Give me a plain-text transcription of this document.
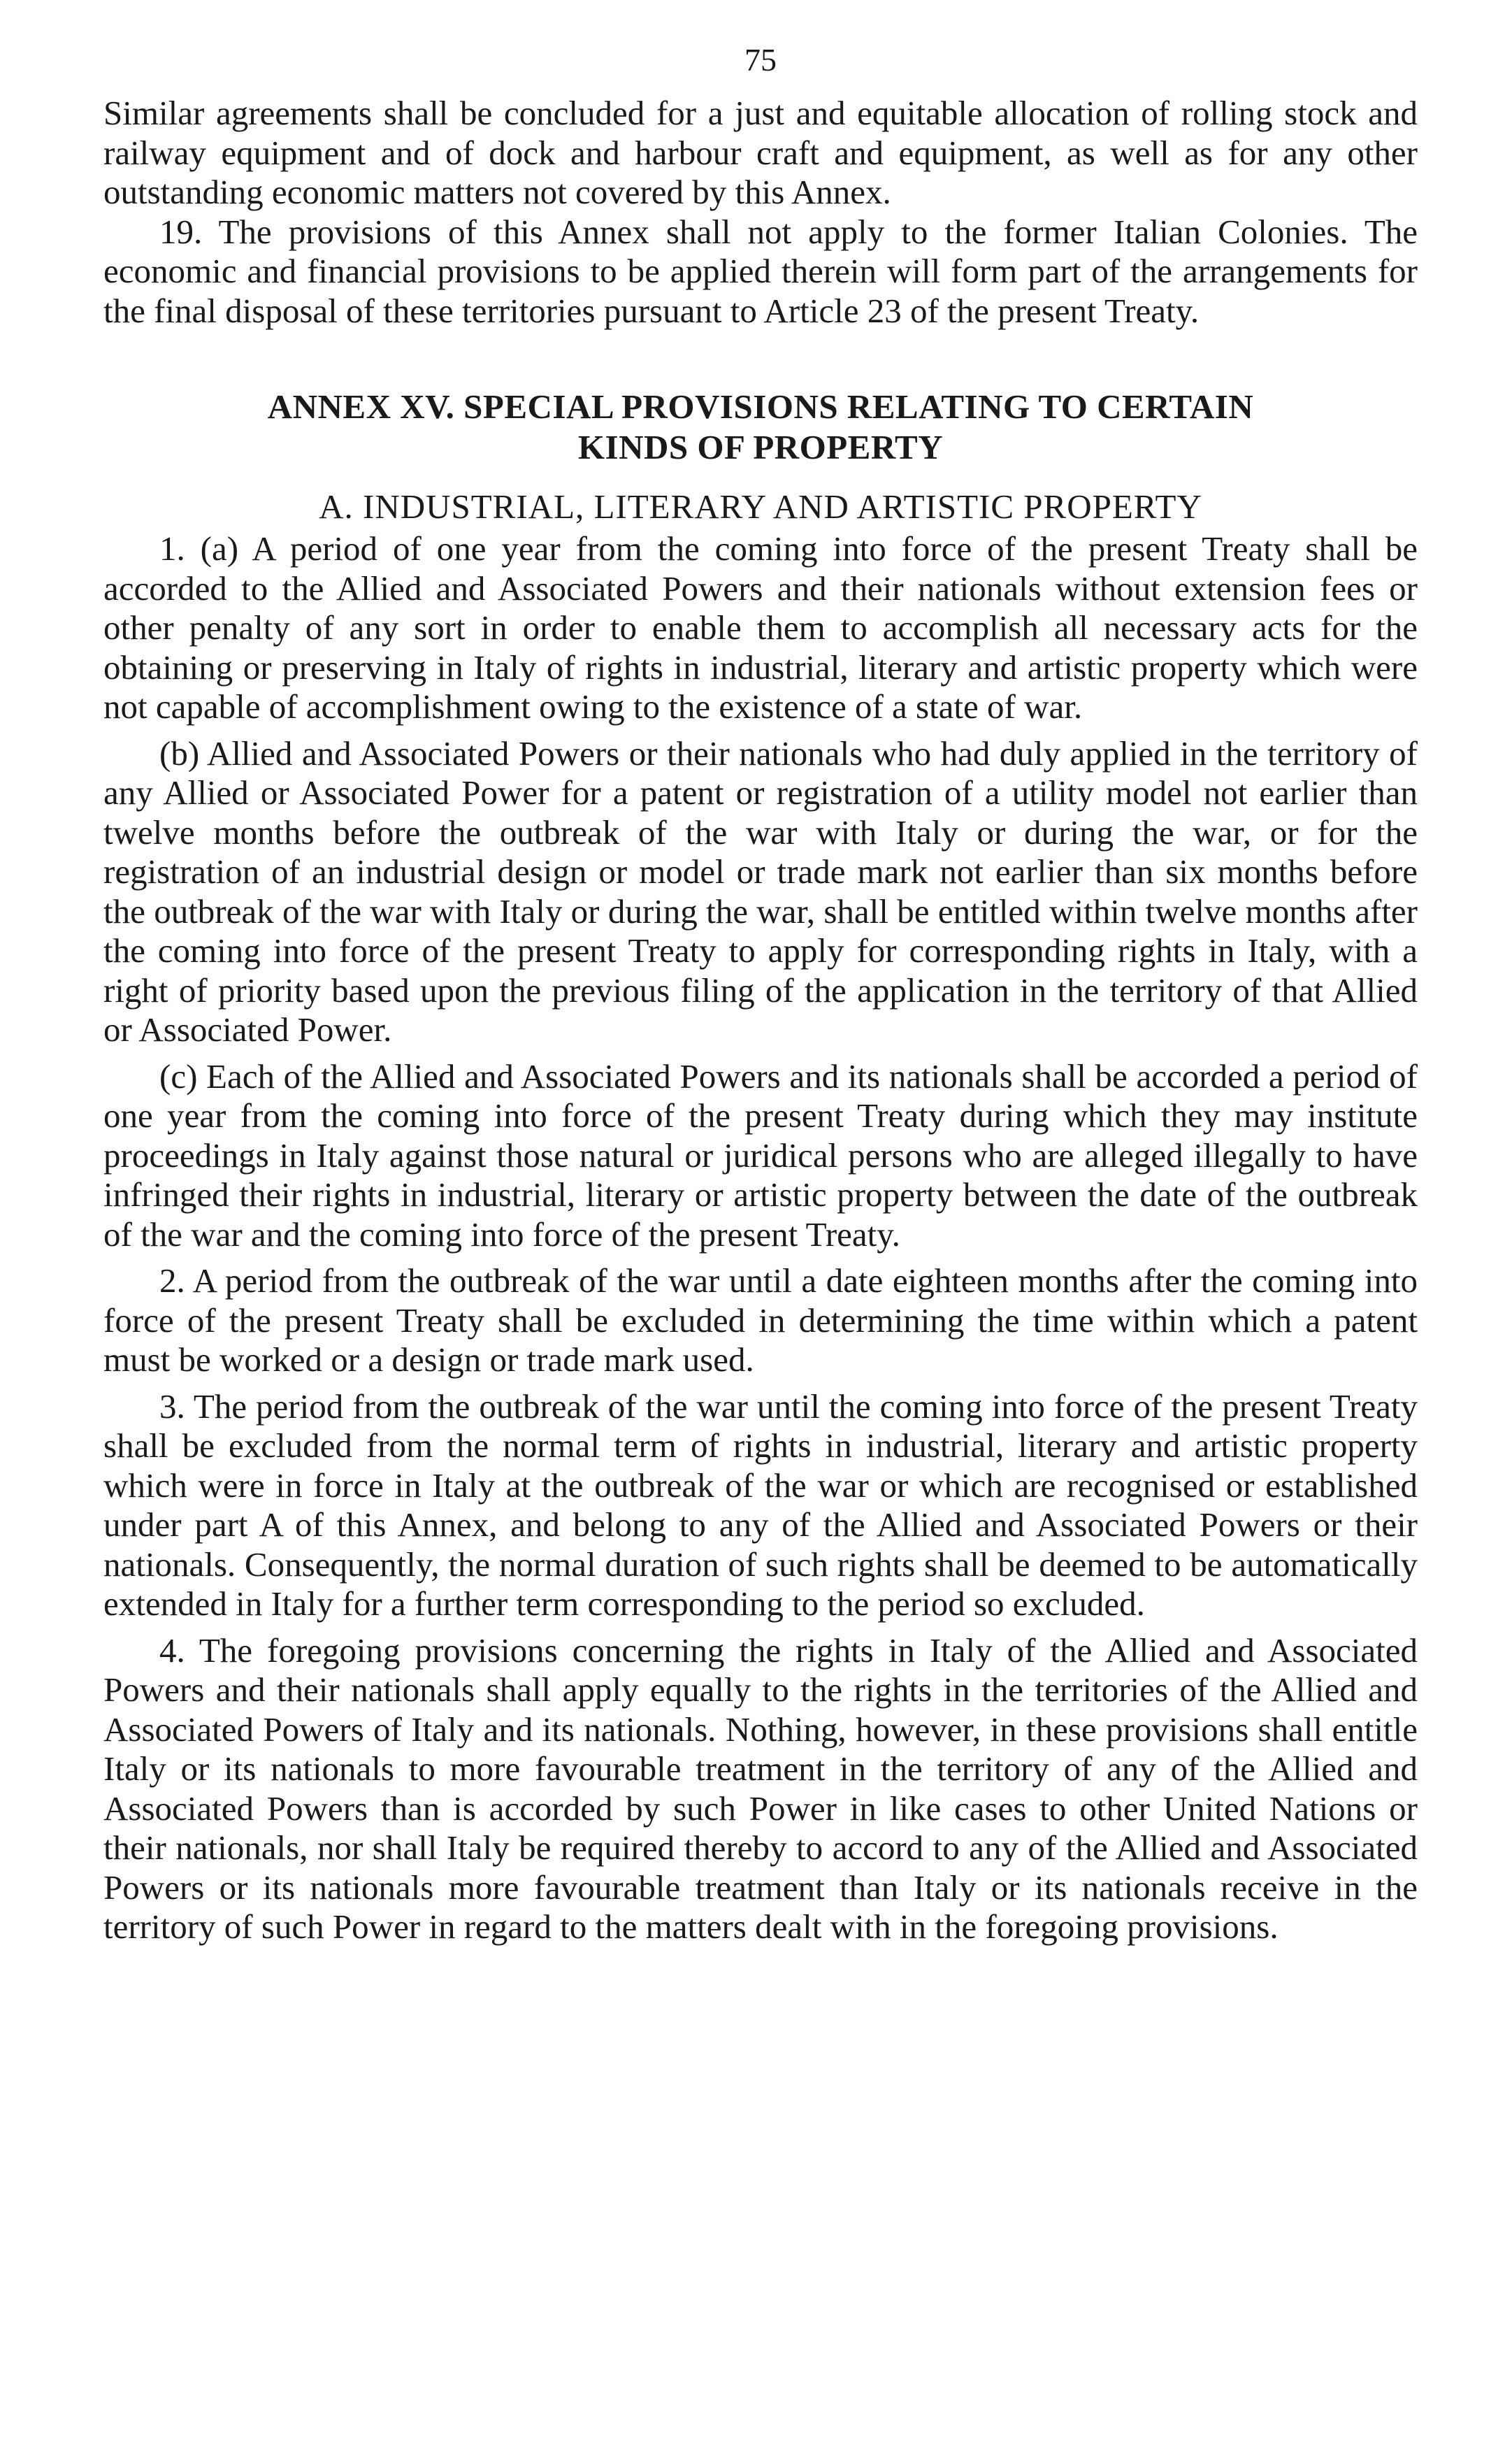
75

Similar agreements shall be concluded for a just and equitable allocation of rolling stock and railway equipment and of dock and harbour craft and equipment, as well as for any other outstanding economic matters not covered by this Annex.

19. The provisions of this Annex shall not apply to the former Italian Colonies. The economic and financial provisions to be applied therein will form part of the arrangements for the final disposal of these territories pursuant to Article 23 of the present Treaty.

ANNEX XV. SPECIAL PROVISIONS RELATING TO CERTAIN
KINDS OF PROPERTY
A. INDUSTRIAL, LITERARY AND ARTISTIC PROPERTY

1. (a) A period of one year from the coming into force of the present Treaty shall be accorded to the Allied and Associated Powers and their nationals without extension fees or other penalty of any sort in order to enable them to accomplish all necessary acts for the obtaining or preserving in Italy of rights in industrial, literary and artistic property which were not capable of accomplishment owing to the existence of a state of war.

(b) Allied and Associated Powers or their nationals who had duly applied in the territory of any Allied or Associated Power for a patent or registration of a utility model not earlier than twelve months before the outbreak of the war with Italy or during the war, or for the registration of an industrial design or model or trade mark not earlier than six months before the outbreak of the war with Italy or during the war, shall be entitled within twelve months after the coming into force of the present Treaty to apply for corresponding rights in Italy, with a right of priority based upon the previous filing of the application in the territory of that Allied or Associated Power.

(c) Each of the Allied and Associated Powers and its nationals shall be accorded a period of one year from the coming into force of the present Treaty during which they may institute proceedings in Italy against those natural or juridical persons who are alleged illegally to have infringed their rights in industrial, literary or artistic property between the date of the outbreak of the war and the coming into force of the present Treaty.

2. A period from the outbreak of the war until a date eighteen months after the coming into force of the present Treaty shall be excluded in determining the time within which a patent must be worked or a design or trade mark used.

3. The period from the outbreak of the war until the coming into force of the present Treaty shall be excluded from the normal term of rights in industrial, literary and artistic property which were in force in Italy at the outbreak of the war or which are recognised or established under part A of this Annex, and belong to any of the Allied and Associated Powers or their nationals. Consequently, the normal duration of such rights shall be deemed to be automatically extended in Italy for a further term corresponding to the period so excluded.

4. The foregoing provisions concerning the rights in Italy of the Allied and Associated Powers and their nationals shall apply equally to the rights in the territories of the Allied and Associated Powers of Italy and its nationals. Nothing, however, in these provisions shall entitle Italy or its nationals to more favourable treatment in the territory of any of the Allied and Associated Powers than is accorded by such Power in like cases to other United Nations or their nationals, nor shall Italy be required thereby to accord to any of the Allied and Associated Powers or its nationals more favourable treatment than Italy or its nationals receive in the territory of such Power in regard to the matters dealt with in the foregoing provisions.
